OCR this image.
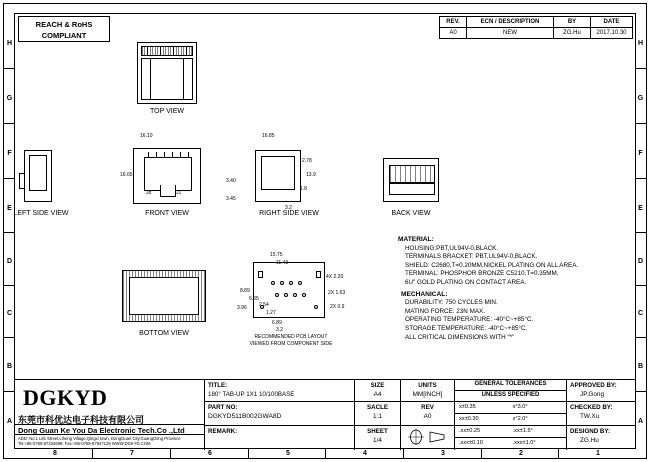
H
G
F
E
D
C
B
A
H
G
F
E
D
C
B
A
8	7	6	5	4	3	2	1
REACH & RoHS
COMPLIANT
REV.	ECN / DESCRIPTION	BY	DATE
A0	NEW	ZG.Hu	2017.10.30
TOP VIEW
LEFT SIDE VIEW
16.10
16.65
J8	J1
FRONT VIEW
16.85
13.9
2.78
1.8
3.40
3.45
3.2
RIGHT SIDE VIEW	BACK VIEW
BOTTOM VIEW
15.75
11.43
8.89
6.35
3.96 2.54
1.27
6.89
3.2
4X 2.20
2X 1.63
2X 0.9
RECOMMENDED PCB LAYOUT
VIEWED FROM COMPONENT SIDE
MATERIAL:
HOUSING:PBT,UL94V-0,BLACK.
TERMINALS BRACKET: PBT,UL94V-0,BLACK.
SHIELD: C2680,T=0.20MM,NICKEL PLATING ON ALL AREA.
TERMINAL: PHOSPHOR BRONZE C5210,T=0.35MM,
6U" GOLD PLATING ON CONTACT AREA.
MECHANICAL:
DURABILITY: 750 CYCLES MIN.
MATING FORCE: 23N MAX.
OPERATING TEMPERATURE: -40°C~+85°C.
STORAGE TEMPERATURE: -40°C~+85°C.
ALL CRITICAL DIMENSIONS WITH "*"
DGKYD
东莞市科优达电子科技有限公司
Dong Guan Ke You Da Electronic Tech.Co .,Ltd
ADD: No.1 Life Street,Liheng Village,Qingxi town, DongGuan City,GuangDong Province
Tel:+86-0769-87334698; Fax:+86-0769-87947129 WWW.DGKYD.COM
TITLE:
180° TAB-UP 1X1 10/100BASE
PART NO:
DGKYD511B002GWA8D
REMARK:
SIZE
A4
SACLE
1:1
SHEET
1/4
UNITS
MM[INCH]
REV
A0
GENERAL TOLERANCES
UNLESS SPECIFIED
x±0.35	x°3.0°
xx±0.30	x°2.0°
.xx±0.25	.xx±1.5°
.xxx±0.10	.xxx±1.0°
APPROVED BY:
JP.Gong
CHECKED BY:
TW.Xu
DESIGND BY:
ZG.Hu
